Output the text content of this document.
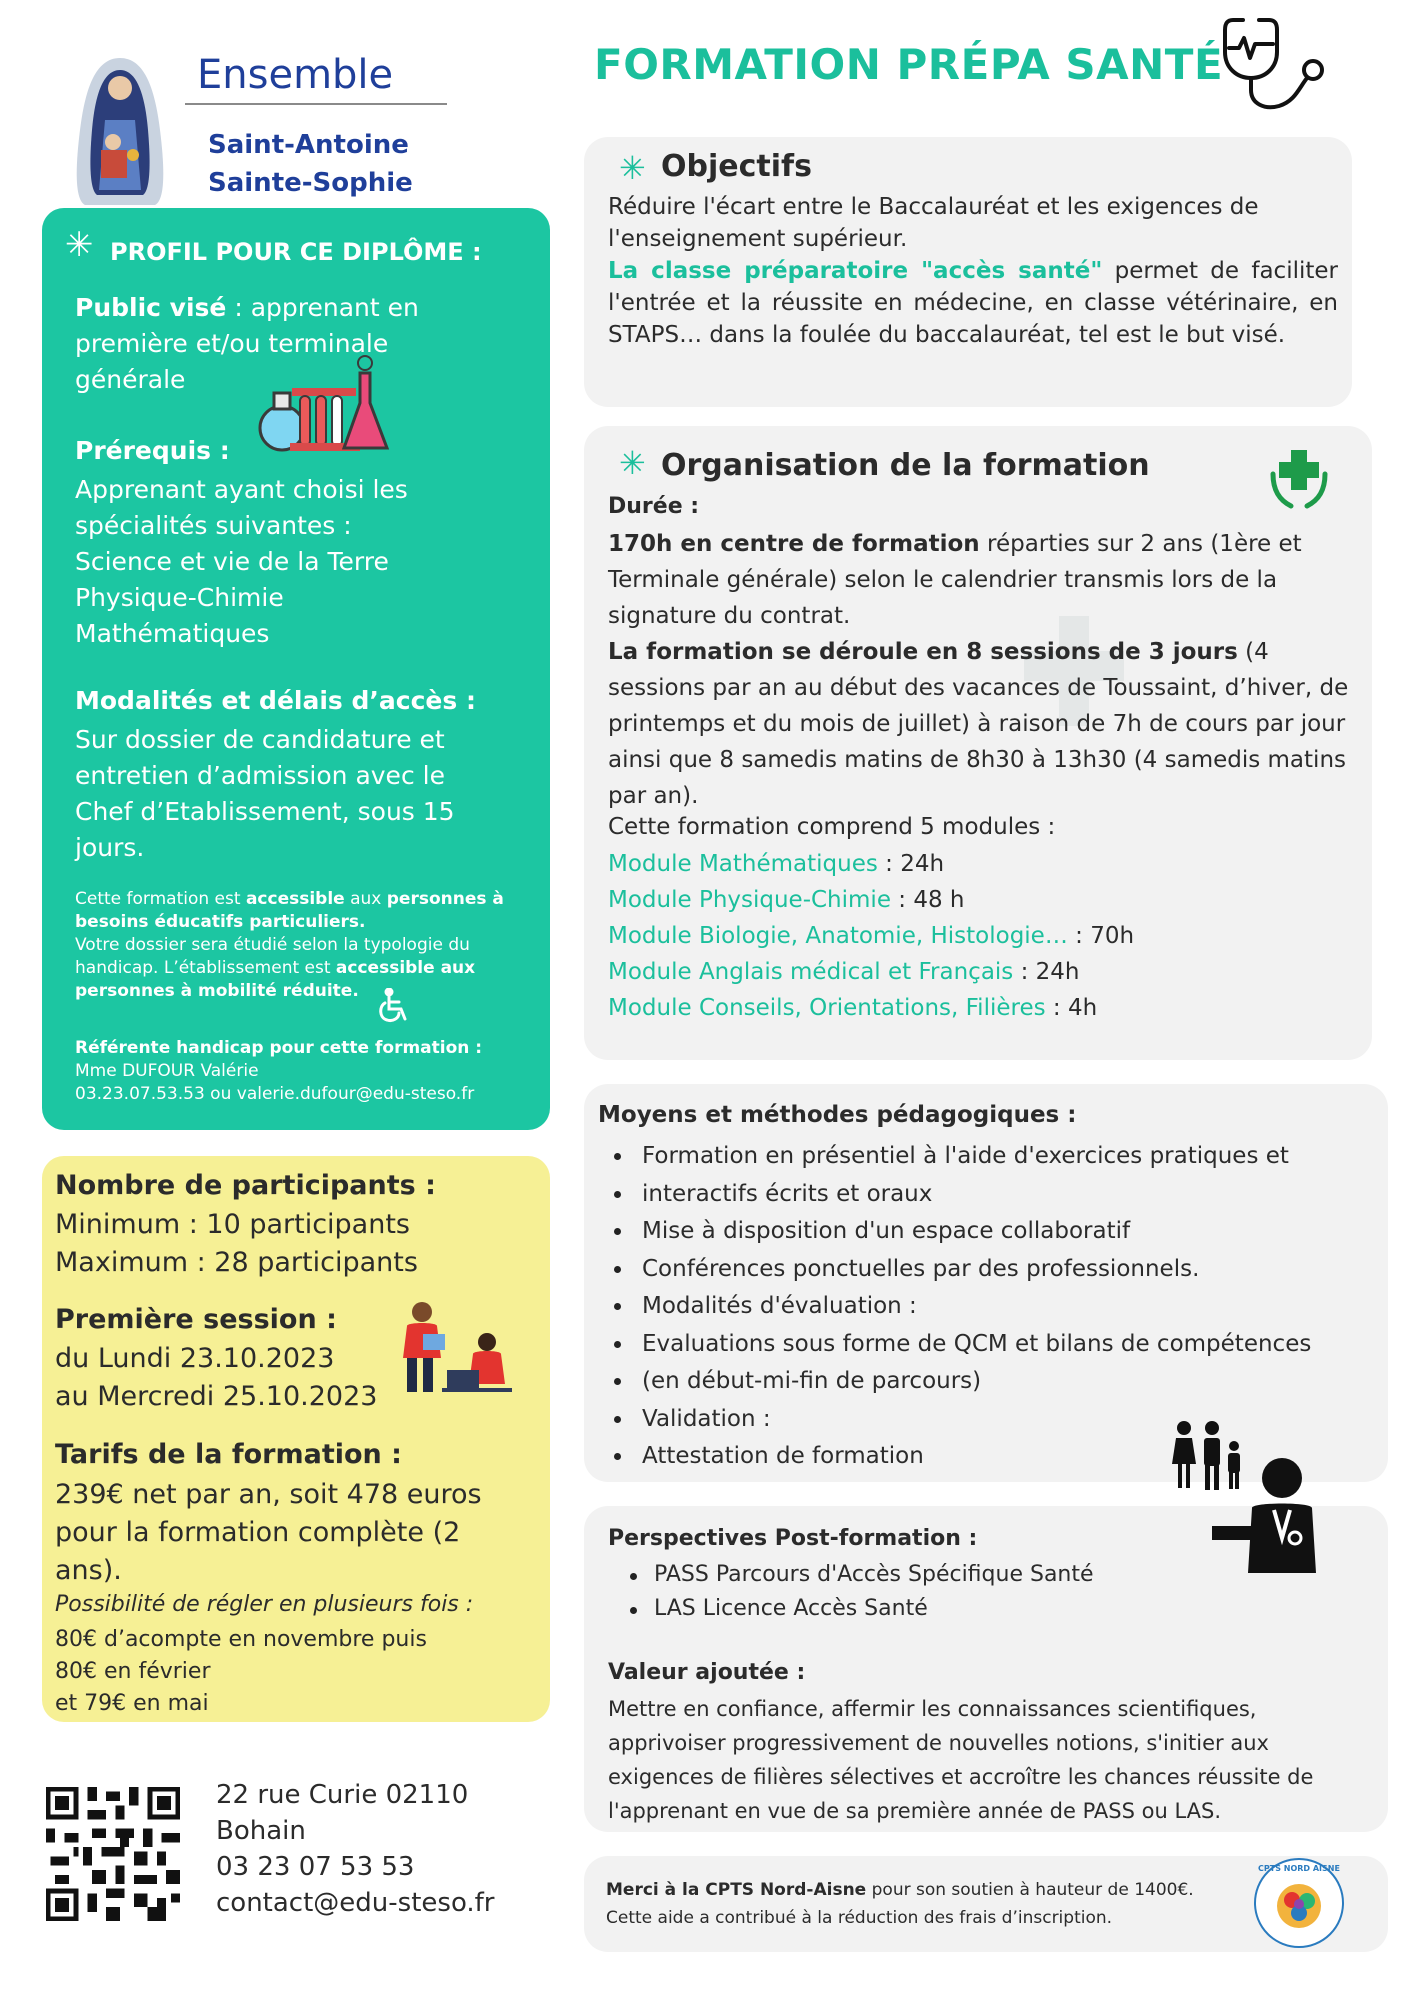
Ensemble
Saint-Antoine
Sainte-Sophie
FORMATION PRÉPA SANTÉ
✳ PROFIL POUR CE DIPLÔME :
Public visé : apprenant en première et/ou terminale générale
Prérequis :
Apprenant ayant choisi les
spécialités suivantes :
Science et vie de la Terre
Physique-Chimie
Mathématiques
Modalités et délais d’accès :
Sur dossier de candidature et entretien d’admission avec le Chef d’Etablissement, sous 15 jours.
Cette formation est accessible aux personnes à besoins éducatifs particuliers.
Votre dossier sera étudié selon la typologie du handicap. L’établissement est accessible aux personnes à mobilité réduite.
Référente handicap pour cette formation :
Mme DUFOUR Valérie
03.23.07.53.53 ou valerie.dufour@edu-steso.fr
Nombre de participants :
Minimum : 10 participants
Maximum : 28 participants
Première session :
du Lundi 23.10.2023
au Mercredi 25.10.2023
Tarifs de la formation :
239€ net par an, soit 478 euros pour la formation complète (2 ans).
Possibilité de régler en plusieurs fois :
80€ d’acompte en novembre puis
80€ en février
et 79€ en mai
22 rue Curie 02110
Bohain
03 23 07 53 53
contact@edu-steso.fr
✳ Objectifs
Réduire l'écart entre le Baccalauréat et les exigences de l'enseignement supérieur.
La classe préparatoire "accès santé" permet de faciliter l'entrée et la réussite en médecine, en classe vétérinaire, en STAPS… dans la foulée du baccalauréat, tel est le but visé.
✳ Organisation de la formation
Durée :
170h en centre de formation réparties sur 2 ans (1ère et Terminale générale) selon le calendrier transmis lors de la signature du contrat.
La formation se déroule en 8 sessions de 3 jours (4 sessions par an au début des vacances de Toussaint, d’hiver, de printemps et du mois de juillet) à raison de 7h de cours par jour ainsi que 8 samedis matins de 8h30 à 13h30 (4 samedis matins par an).
Cette formation comprend 5 modules :
Module Mathématiques : 24h
Module Physique-Chimie : 48 h
Module Biologie, Anatomie, Histologie… : 70h
Module Anglais médical et Français : 24h
Module Conseils, Orientations, Filières : 4h
Moyens et méthodes pédagogiques :
Formation en présentiel à l'aide d'exercices pratiques et
interactifs écrits et oraux
Mise à disposition d'un espace collaboratif
Conférences ponctuelles par des professionnels.
Modalités d'évaluation :
Evaluations sous forme de QCM et bilans de compétences
(en début-mi-fin de parcours)
Validation :
Attestation de formation
Perspectives Post-formation :
PASS Parcours d'Accès Spécifique Santé
LAS Licence Accès Santé
Valeur ajoutée :
Mettre en confiance, affermir les connaissances scientifiques, apprivoiser progressivement de nouvelles notions, s'initier aux exigences de filières sélectives et accroître les chances réussite de l'apprenant en vue de sa première année de PASS ou LAS.
Merci à la CPTS Nord-Aisne pour son soutien à hauteur de 1400€.
Cette aide a contribué à la réduction des frais d’inscription.
CPTS NORD AISNE
